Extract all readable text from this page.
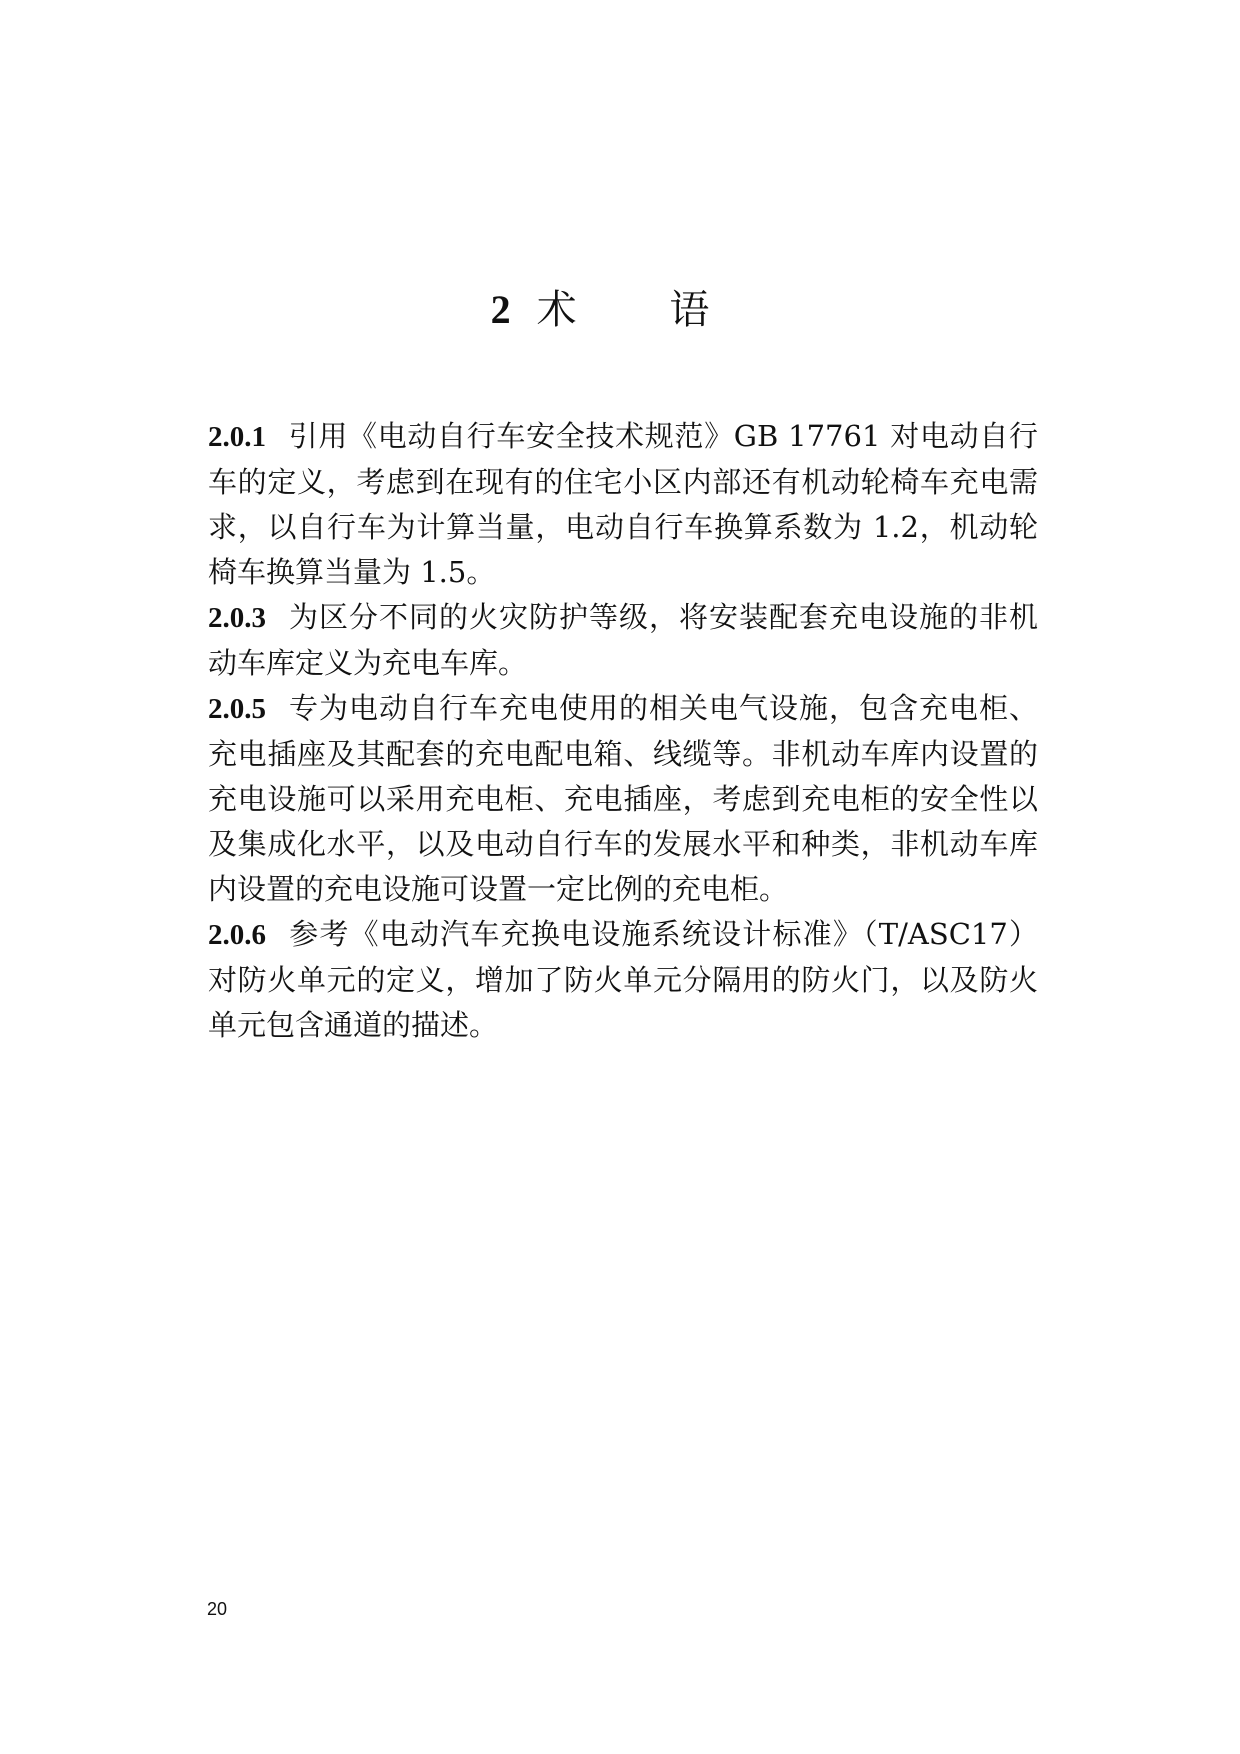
2 术 语

2.0.1 引用《电动自行车安全技术规范》GB 17761 对电动自行车的定义，考虑到在现有的住宅小区内部还有机动轮椅车充电需求，以自行车为计算当量，电动自行车换算系数为 1.2，机动轮椅车换算当量为 1.5。

2.0.3 为区分不同的火灾防护等级，将安装配套充电设施的非机动车库定义为充电车库。

2.0.5 专为电动自行车充电使用的相关电气设施，包含充电柜、充电插座及其配套的充电配电箱、线缆等。非机动车库内设置的充电设施可以采用充电柜、充电插座，考虑到充电柜的安全性以及集成化水平，以及电动自行车的发展水平和种类，非机动车库内设置的充电设施可设置一定比例的充电柜。

2.0.6 参考《电动汽车充换电设施系统设计标准》（T/ASC17）对防火单元的定义，增加了防火单元分隔用的防火门，以及防火单元包含通道的描述。

20
